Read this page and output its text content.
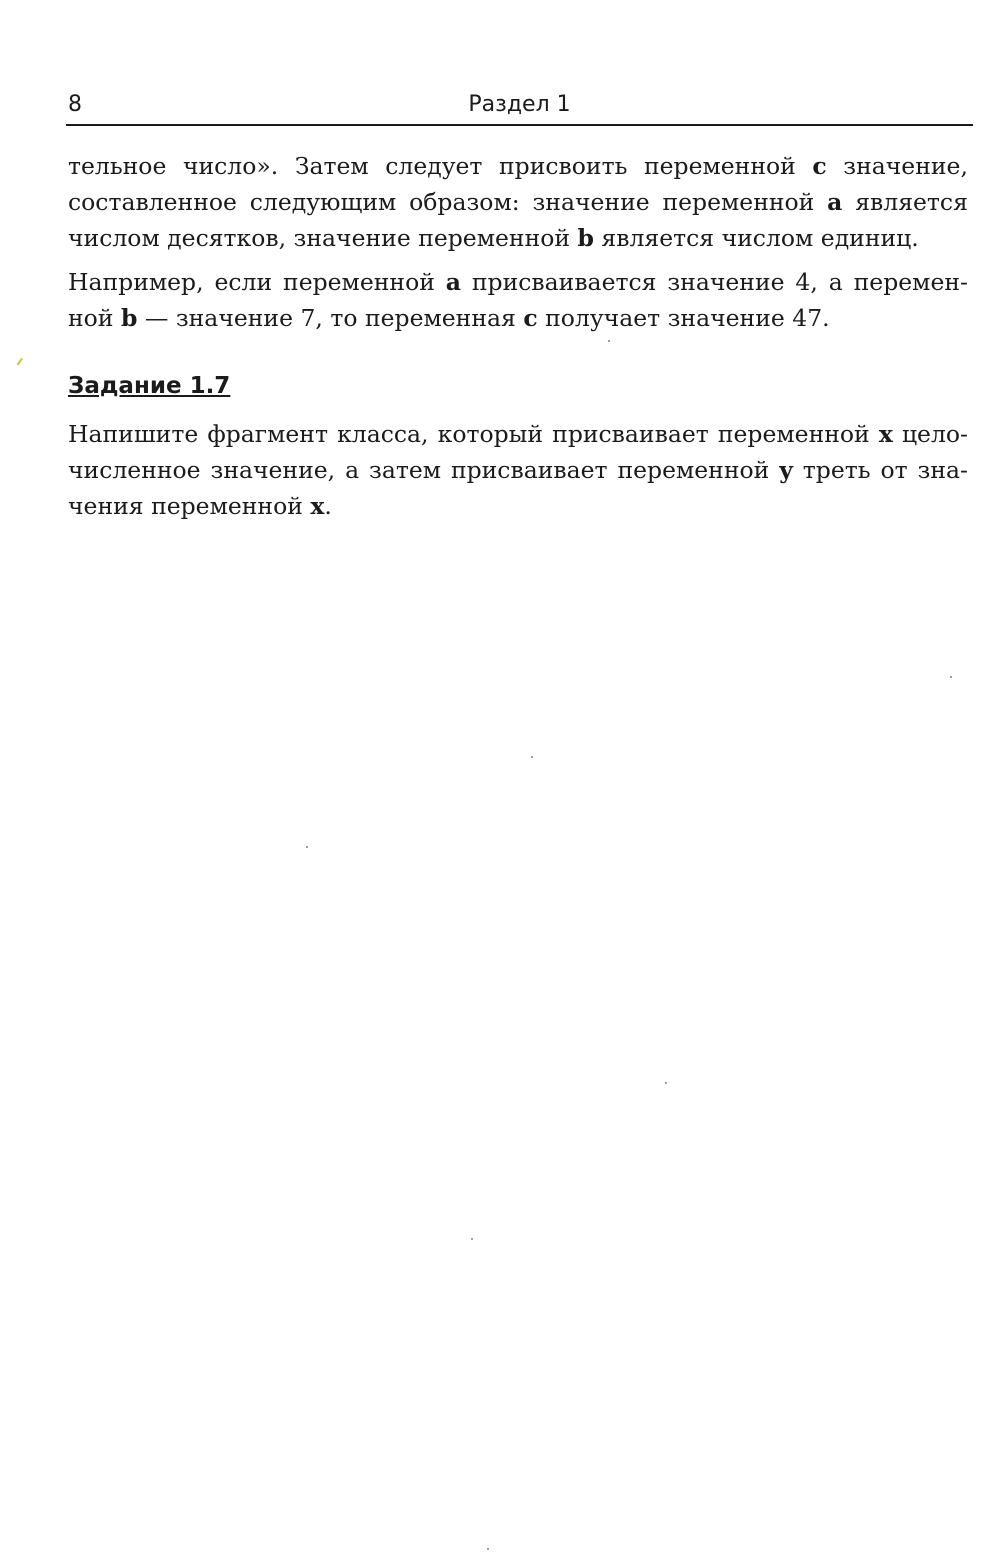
8	Раздел 1
тельное число». Затем следует присвоить переменной c значение,
составленное следующим образом: значение переменной a является
числом десятков, значение переменной b является числом единиц.
Например, если переменной a присваивается значение 4, а перемен-
ной b — значение 7, то переменная c получает значение 47.
Задание 1.7
Напишите фрагмент класса, который присваивает переменной x цело-
численное значение, а затем присваивает переменной y треть от зна-
чения переменной x.
